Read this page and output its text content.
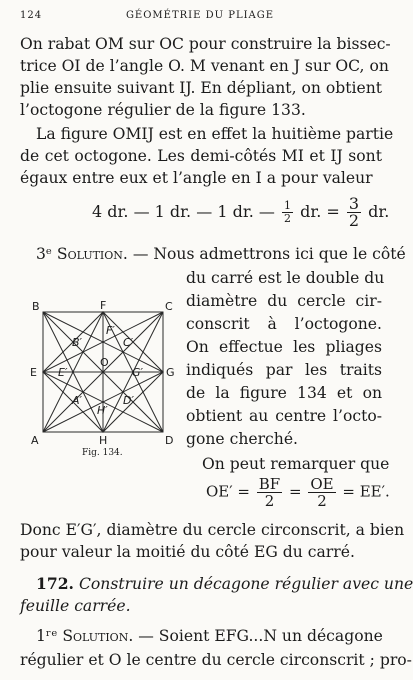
124	GÉOMÉTRIE DU PLIAGE
On rabat OM sur OC pour construire la bissec-
trice OI de l’angle O. M venant en J sur OC, on
plie ensuite suivant IJ. En dépliant, on obtient
l’octogone régulier de la figure 133.
La figure OMIJ est en effet la huitième partie
de cet octogone. Les demi-côtés MI et IJ sont
égaux entre eux et l’angle en I a pour valeur
4 dr. — 1 dr. — 1 dr. — $\frac{1}{2}$ dr. = $\frac{3}{2}$ dr.
3ᵉ Solution. — Nous admettrons ici que le côté
du carré est le double du
diamètre du cercle cir-
conscrit à l’octogone.
On effectue les pliages
indiqués par les traits
de la figure 134 et on
obtient au centre l’octo-
gone cherché.
On peut remarquer que
B	F	C
E	G
A	H	D
B′
F′
C′
E′
O
G′
A′
H′
D′
Fig. 134.
$OE' = \frac{BF}{2} = \frac{OE}{2} = EE'$.
Donc E′G′, diamètre du cercle circonscrit, a bien
pour valeur la moitié du côté EG du carré.
172. Construire un décagone régulier avec une
feuille carrée.
1ʳᵉ Solution. — Soient EFG...N un décagone
régulier et O le centre du cercle circonscrit ; pro-
